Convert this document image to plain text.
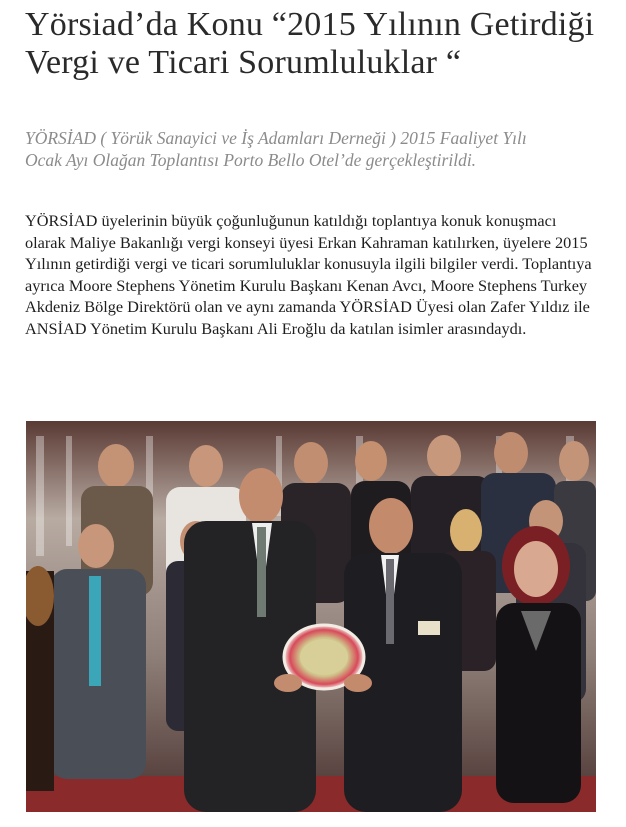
Yörsiad’da Konu “2015 Yılının Getirdiği Vergi ve Ticari Sorumluluklar “

YÖRSİAD ( Yörük Sanayici ve İş Adamları Derneği ) 2015 Faaliyet Yılı Ocak Ayı Olağan Toplantısı Porto Bello Otel’de gerçekleştirildi.

YÖRSİAD üyelerinin büyük çoğunluğunun katıldığı toplantıya konuk konuşmacı olarak Maliye Bakanlığı vergi konseyi üyesi Erkan Kahraman katılırken, üyelere 2015 Yılının getirdiği vergi ve ticari sorumluluklar konusuyla ilgili bilgiler verdi. Toplantıya ayrıca Moore Stephens Yönetim Kurulu Başkanı Kenan Avcı, Moore Stephens Turkey Akdeniz Bölge Direktörü olan ve aynı zamanda YÖRSİAD Üyesi olan Zafer Yıldız ile ANSİAD Yönetim Kurulu Başkanı Ali Eroğlu da katılan isimler arasındaydı.
